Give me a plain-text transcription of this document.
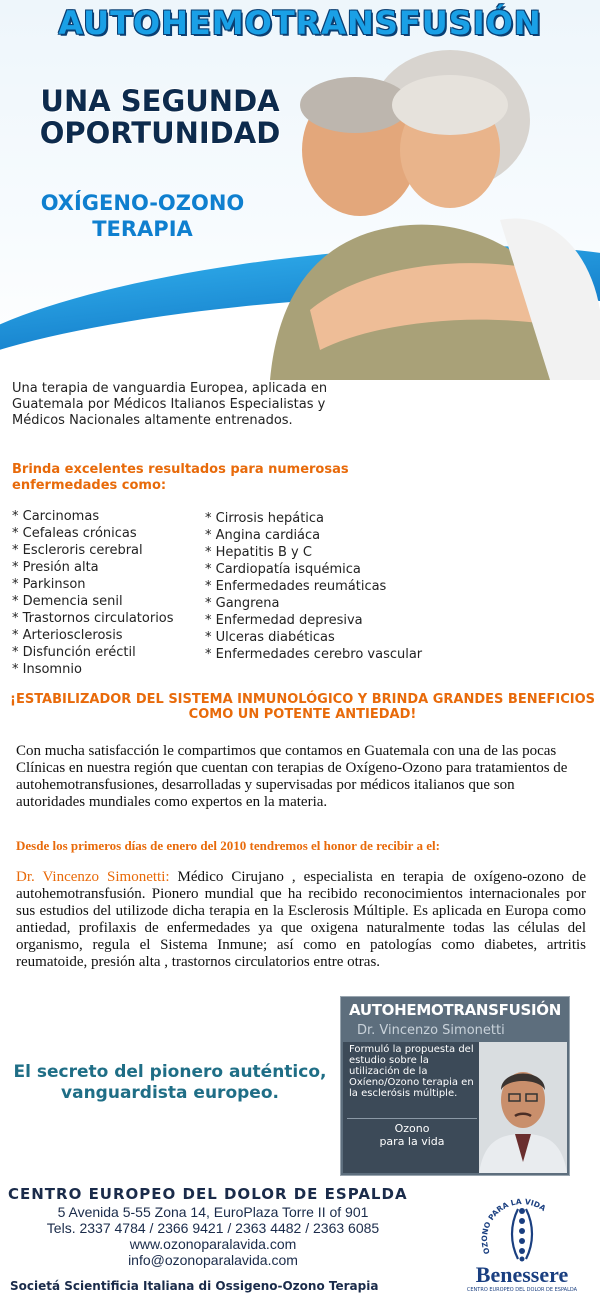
AUTOHEMOTRANSFUSIÓN
UNA SEGUNDA
OPORTUNIDAD
OXÍGENO-OZONO
TERAPIA
Una terapia de vanguardia Europea, aplicada en Guatemala por Médicos Italianos Especialistas y Médicos Nacionales altamente entrenados.
Brinda excelentes resultados para numerosas enfermedades como:
* Carcinomas
* Cefaleas crónicas
* Escleroris cerebral
* Presión alta
* Parkinson
* Demencia senil
* Trastornos circulatorios
* Arteriosclerosis
* Disfunción eréctil
* Insomnio
* Cirrosis hepática
* Angina cardiáca
* Hepatitis B y C
* Cardiopatía isquémica
* Enfermedades reumáticas
* Gangrena
* Enfermedad depresiva
* Ulceras diabéticas
* Enfermedades cerebro vascular
¡ESTABILIZADOR DEL SISTEMA INMUNOLÓGICO Y BRINDA GRANDES BENEFICIOS COMO UN POTENTE ANTIEDAD!
Con mucha satisfacción le compartimos que contamos en Guatemala con una de las pocas Clínicas en nuestra región que cuentan con terapias de Oxígeno-Ozono para tratamientos de autohemotransfusiones, desarrolladas y supervisadas por médicos italianos que son autoridades mundiales como expertos en la materia.
Desde los primeros días de enero del 2010 tendremos el honor de recibir a el:
Dr. Vincenzo Simonetti: Médico Cirujano , especialista en terapia de oxígeno-ozono de autohemotransfusión. Pionero mundial que ha recibido reconocimientos internacionales por sus estudios del utilizode dicha terapia en la Esclerosis Múltiple. Es aplicada en Europa como antiedad, profilaxis de enfermedades ya que oxigena naturalmente todas las células del organismo, regula el Sistema Inmune; así como en patologías como diabetes, artritis reumatoide, presión alta , trastornos circulatorios entre otras.
El secreto del pionero auténtico,
vanguardista europeo.
AUTOHEMOTRANSFUSIÓN
Dr. Vincenzo Simonetti
Formuló la propuesta del estudio sobre la utilización de la Oxíeno/Ozono terapia en la esclerósis múltiple.
Ozono
para la vida
CENTRO EUROPEO DEL DOLOR DE ESPALDA
5 Avenida 5-55 Zona 14, EuroPlaza Torre II of 901
Tels. 2337 4784 / 2366 9421 / 2363 4482 / 2363 6085
www.ozonoparalavida.com
info@ozonoparalavida.com
Societá Scientificia Italiana di Ossigeno-Ozono Terapia
OZONO PARA LA VIDA
Benessere
CENTRO EUROPEO DEL DOLOR DE ESPALDA
